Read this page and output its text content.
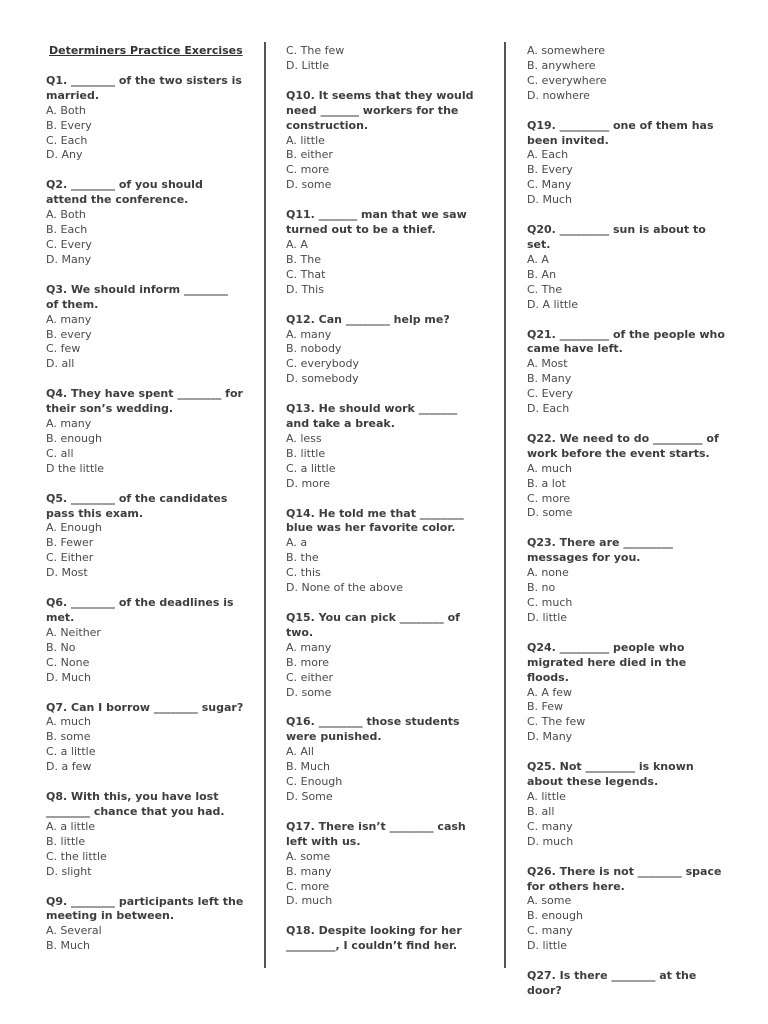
Determiners Practice Exercises
Q1. ________ of the two sisters is married.
A. Both
B. Every
C. Each
D. Any
Q2. ________ of you should attend the conference.
A. Both
B. Each
C. Every
D. Many
Q3. We should inform ________ of them.
A. many
B. every
C. few
D. all
Q4. They have spent ________ for their son’s wedding.
A. many
B. enough
C. all
D the little
Q5. ________ of the candidates pass this exam.
A. Enough
B. Fewer
C. Either
D. Most
Q6. ________ of the deadlines is met.
A. Neither
B. No
C. None
D. Much
Q7. Can I borrow ________ sugar?
A. much
B. some
C. a little
D. a few
Q8. With this, you have lost ________ chance that you had.
A. a little
B. little
C. the little
D. slight
Q9. ________ participants left the meeting in between.
A. Several
B. Much
C. The few
D. Little
Q10. It seems that they would need _______ workers for the construction.
A. little
B. either
C. more
D. some
Q11. _______ man that we saw turned out to be a thief.
A. A
B. The
C. That
D. This
Q12. Can ________ help me?
A. many
B. nobody
C. everybody
D. somebody
Q13. He should work _______ and take a break.
A. less
B. little
C. a little
D. more
Q14. He told me that ________ blue was her favorite color.
A. a
B. the
C. this
D. None of the above
Q15. You can pick ________ of two.
A. many
B. more
C. either
D. some
Q16. ________ those students were punished.
A. All
B. Much
C. Enough
D. Some
Q17. There isn’t ________ cash left with us.
A. some
B. many
C. more
D. much
Q18. Despite looking for her _________, I couldn’t find her.
A. somewhere
B. anywhere
C. everywhere
D. nowhere
Q19. _________ one of them has been invited.
A. Each
B. Every
C. Many
D. Much
Q20. _________ sun is about to set.
A. A
B. An
C. The
D. A little
Q21. _________ of the people who came have left.
A. Most
B. Many
C. Every
D. Each
Q22. We need to do _________ of work before the event starts.
A. much
B. a lot
C. more
D. some
Q23. There are _________ messages for you.
A. none
B. no
C. much
D. little
Q24. _________ people who migrated here died in the floods.
A. A few
B. Few
C. The few
D. Many
Q25. Not _________ is known about these legends.
A. little
B. all
C. many
D. much
Q26. There is not ________ space for others here.
A. some
B. enough
C. many
D. little
Q27. Is there ________ at the door?
